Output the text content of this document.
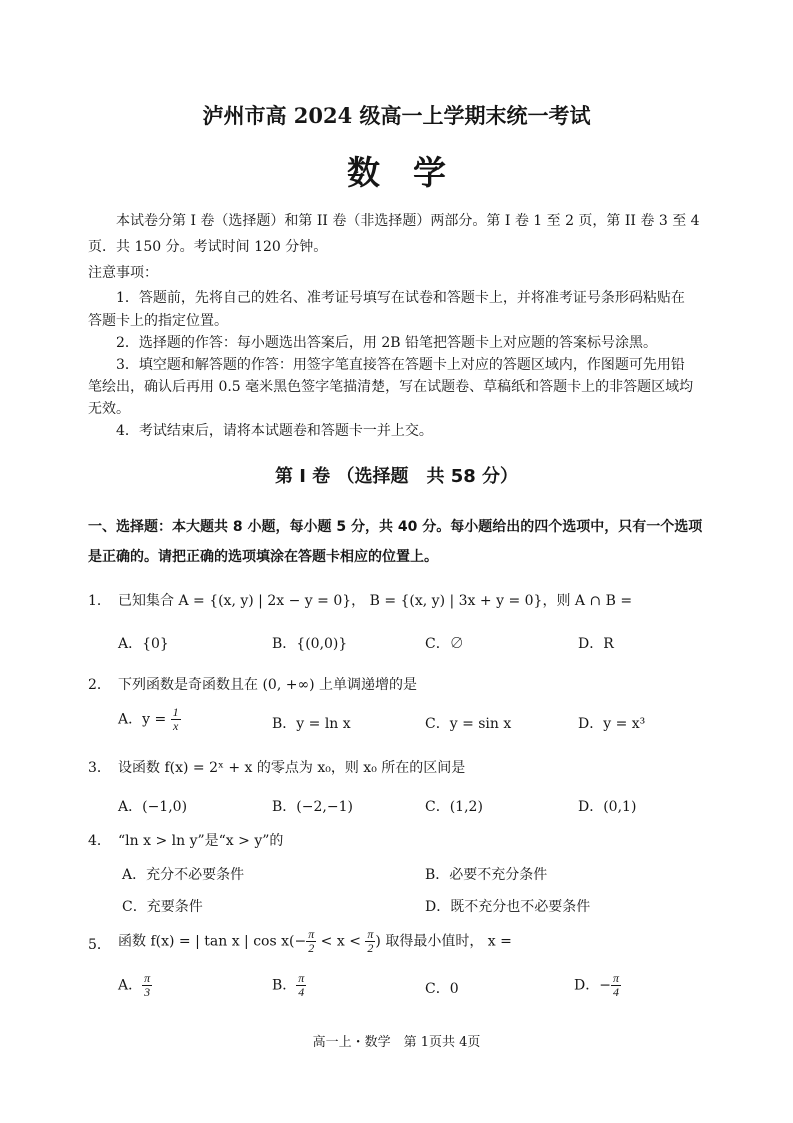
泸州市高 2024 级高一上学期末统一考试
数　学
本试卷分第 I 卷（选择题）和第 II 卷（非选择题）两部分。第 I 卷 1 至 2 页，第 II 卷 3 至 4
页．共 150 分。考试时间 120 分钟。
注意事项：
1．答题前，先将自己的姓名、准考证号填写在试卷和答题卡上，并将准考证号条形码粘贴在
答题卡上的指定位置。
2．选择题的作答：每小题选出答案后，用 2B 铅笔把答题卡上对应题的答案标号涂黑。
3．填空题和解答题的作答：用签字笔直接答在答题卡上对应的答题区域内，作图题可先用铅
笔绘出，确认后再用 0.5 毫米黑色签字笔描清楚，写在试题卷、草稿纸和答题卡上的非答题区域均
无效。
4．考试结束后，请将本试题卷和答题卡一并上交。
第 I 卷 （选择题　共 58 分）
一、选择题：本大题共 8 小题，每小题 5 分，共 40 分。每小题给出的四个选项中，只有一个选项
是正确的。请把正确的选项填涂在答题卡相应的位置上。
1． 已知集合 A = {(x, y) | 2x − y = 0}， B = {(x, y) | 3x + y = 0}，则 A ∩ B =
A．{0}	B．{(0,0)}	C．∅	D．R
2． 下列函数是奇函数且在 (0, +∞) 上单调递增的是
A．$y = \frac{1}{x}$	B．y = ln x	C．y = sin x	D．y = x³
3． 设函数 f(x) = 2ˣ + x 的零点为 x₀，则 x₀ 所在的区间是
A．(−1,0)	B．(−2,−1)	C．(1,2)	D．(0,1)
4． “ln x > ln y”是“x > y”的
A．充分不必要条件	B．必要不充分条件
C．充要条件	D．既不充分也不必要条件
5． 函数 f(x) = | tan x | $\cos x(- \frac{\pi}{2} < x < \frac{\pi}{2}$ ) 取得最小值时， x =
A． $\frac{\pi}{3}$	B． $\frac{\pi}{4}$	C．0	D．− $\frac{\pi}{4}$
高一上・数学　第 1页共 4页
